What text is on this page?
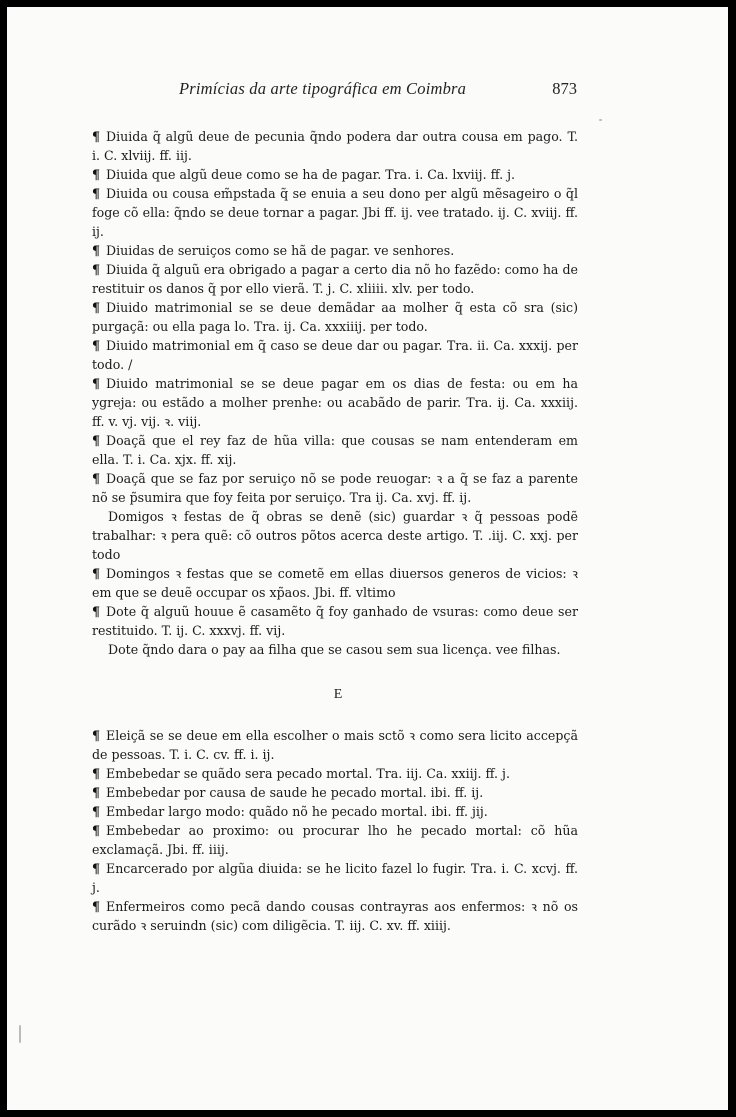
Primícias da arte tipográfica em Coimbra	873

¶ Diuida q̃ algũ deue de pecunia q̃ndo podera dar outra cousa em pago. T. i. C. xlviij. ff. iij.

¶ Diuida que algũ deue como se ha de pagar. Tra. i. Ca. lxviij. ff. j.

¶ Diuida ou cousa em̃pstada q̃ se enuia a seu dono per algũ mẽsageiro o q̃l foge cõ ella: q̃ndo se deue tornar a pagar. Jbi ff. ij. vee tratado. ij. C. xviij. ff. ij.

¶ Diuidas de seruiços como se hã de pagar. ve senhores.

¶ Diuida q̃ alguũ era obrigado a pagar a certo dia nõ ho fazẽdo: como ha de restituir os danos q̃ por ello vierã. T. j. C. xliiii. xlv. per todo.

¶ Diuido matrimonial se se deue demãdar aa molher q̃ esta cõ sra (sic) purgaçã: ou ella paga lo. Tra. ij. Ca. xxxiiij. per todo.

¶ Diuido matrimonial em q̃ caso se deue dar ou pagar. Tra. ii. Ca. xxxij. per todo. /

¶ Diuido matrimonial se se deue pagar em os dias de festa: ou em ha ygreja: ou estãdo a molher prenhe: ou acabãdo de parir. Tra. ij. Ca. xxxiij. ff. v. vj. vij. ꝛ. viij.

¶ Doaçã que el rey faz de hũa villa: que cousas se nam entenderam em ella. T. i. Ca. xjx. ff. xij.

¶ Doaçã que se faz por seruiço nõ se pode reuogar: ꝛ a q̃ se faz a parente nõ se p̃sumira que foy feita por seruiço. Tra ij. Ca. xvj. ff. ij.

Domigos ꝛ festas de q̃ obras se denẽ (sic) guardar ꝛ q̃ pessoas podẽ trabalhar: ꝛ pera quẽ: cõ outros põtos acerca deste artigo. T. .iij. C. xxj. per todo

¶ Domingos ꝛ festas que se cometẽ em ellas diuersos generos de vicios: ꝛ em que se deuẽ occupar os xp̃aos. Jbi. ff. vltimo

¶ Dote q̃ alguũ houue ẽ casamẽto q̃ foy ganhado de vsuras: como deue ser restituido. T. ij. C. xxxvj. ff. vij.

Dote q̃ndo dara o pay aa filha que se casou sem sua licença. vee filhas.

E

¶ Eleiçã se se deue em ella escolher o mais sctõ ꝛ como sera licito accepçã de pessoas. T. i. C. cv. ff. i. ij.

¶ Embebedar se quãdo sera pecado mortal. Tra. iij. Ca. xxiij. ff. j.

¶ Embebedar por causa de saude he pecado mortal. ibi. ff. ij.

¶ Embedar largo modo: quãdo nõ he pecado mortal. ibi. ff. jij.

¶ Embebedar ao proximo: ou procurar lho he pecado mortal: cõ hũa exclamaçã. Jbi. ff. iiij.

¶ Encarcerado por algũa diuida: se he licito fazel lo fugir. Tra. i. C. xcvj. ff. j.

¶ Enfermeiros como pecã dando cousas contrayras aos enfermos: ꝛ nõ os curãdo ꝛ seruindn (sic) com diligẽcia. T. iij. C. xv. ff. xiiij.
